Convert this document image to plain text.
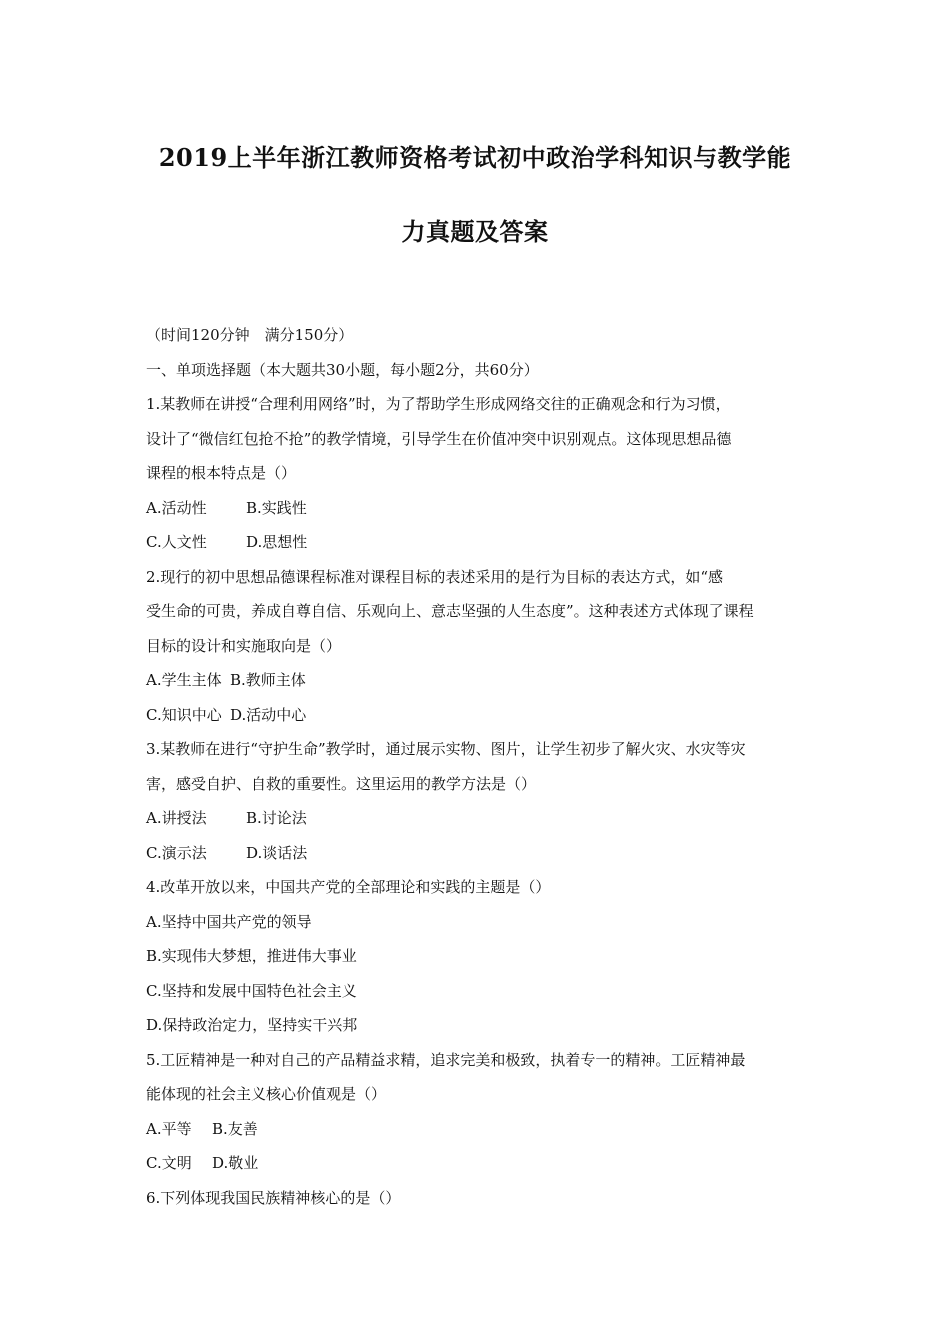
2019上半年浙江教师资格考试初中政治学科知识与教学能
力真题及答案
（时间120分钟　满分150分）
一、单项选择题（本大题共30小题，每小题2分，共60分）
1.某教师在讲授“合理利用网络”时，为了帮助学生形成网络交往的正确观念和行为习惯，
设计了“微信红包抢不抢”的教学情境，引导学生在价值冲突中识别观点。这体现思想品德
课程的根本特点是（）
A.活动性	B.实践性
C.人文性	D.思想性
2.现行的初中思想品德课程标准对课程目标的表述采用的是行为目标的表达方式，如“感
受生命的可贵，养成自尊自信、乐观向上、意志坚强的人生态度”。这种表述方式体现了课程
目标的设计和实施取向是（）
A.学生主体 B.教师主体
C.知识中心 D.活动中心
3.某教师在进行“守护生命”教学时，通过展示实物、图片，让学生初步了解火灾、水灾等灾
害，感受自护、自救的重要性。这里运用的教学方法是（）
A.讲授法	B.讨论法
C.演示法	D.谈话法
4.改革开放以来，中国共产党的全部理论和实践的主题是（）
A.坚持中国共产党的领导
B.实现伟大梦想，推进伟大事业
C.坚持和发展中国特色社会主义
D.保持政治定力，坚持实干兴邦
5.工匠精神是一种对自己的产品精益求精，追求完美和极致，执着专一的精神。工匠精神最
能体现的社会主义核心价值观是（）
A.平等 B.友善
C.文明 D.敬业
6.下列体现我国民族精神核心的是（）
